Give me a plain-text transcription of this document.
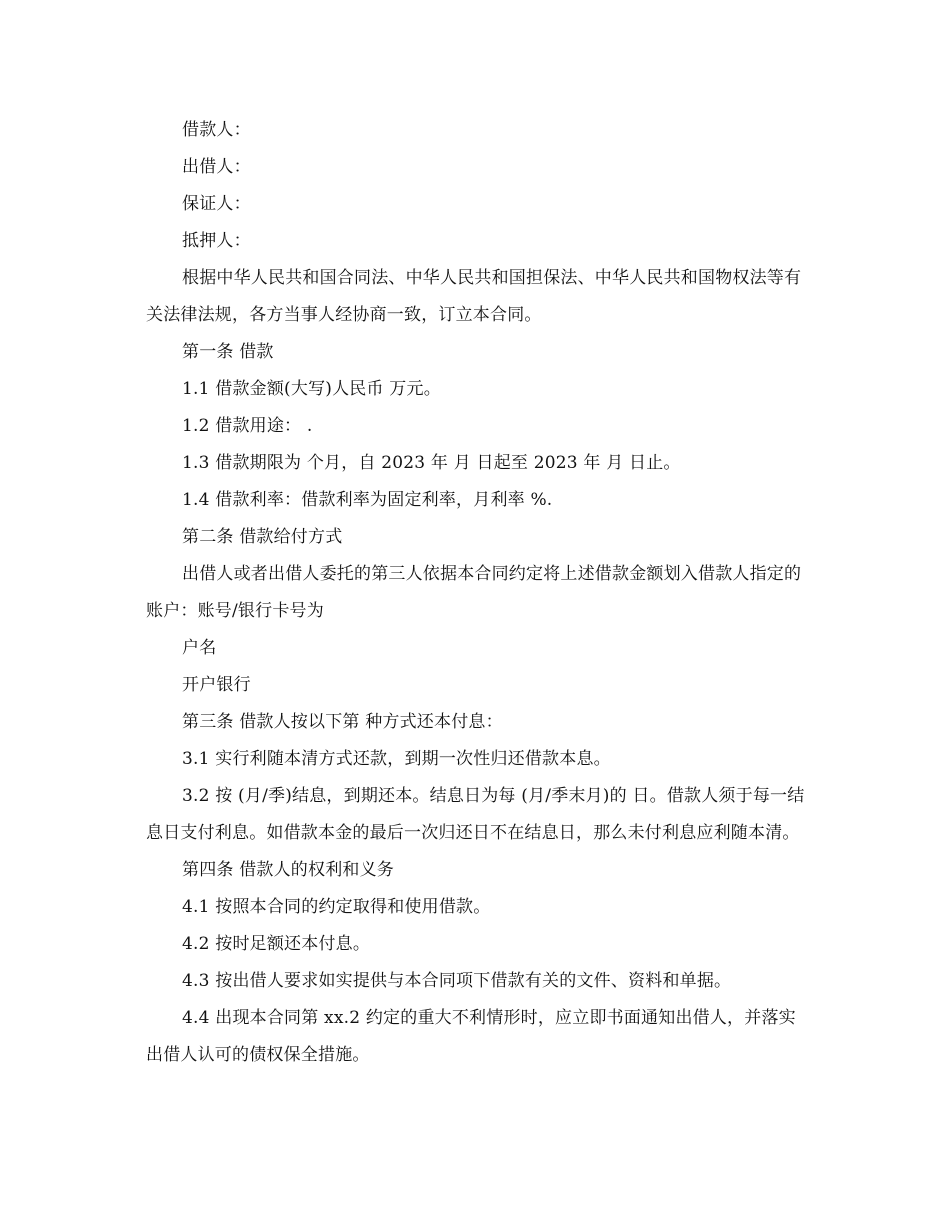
借款人：

出借人：

保证人：

抵押人：

根据中华人民共和国合同法、中华人民共和国担保法、中华人民共和国物权法等有关法律法规，各方当事人经协商一致，订立本合同。

第一条 借款

1.1 借款金额(大写)人民币 万元。

1.2 借款用途： .

1.3 借款期限为 个月，自 2023 年 月 日起至 2023 年 月 日止。

1.4 借款利率：借款利率为固定利率，月利率 %.

第二条 借款给付方式

出借人或者出借人委托的第三人依据本合同约定将上述借款金额划入借款人指定的账户：账号/银行卡号为

户名

开户银行

第三条 借款人按以下第 种方式还本付息：

3.1 实行利随本清方式还款，到期一次性归还借款本息。

3.2 按 (月/季)结息，到期还本。结息日为每 (月/季末月)的 日。借款人须于每一结息日支付利息。如借款本金的最后一次归还日不在结息日，那么未付利息应利随本清。

第四条 借款人的权利和义务

4.1 按照本合同的约定取得和使用借款。

4.2 按时足额还本付息。

4.3 按出借人要求如实提供与本合同项下借款有关的文件、资料和单据。

4.4 出现本合同第 xx.2 约定的重大不利情形时，应立即书面通知出借人，并落实出借人认可的债权保全措施。
